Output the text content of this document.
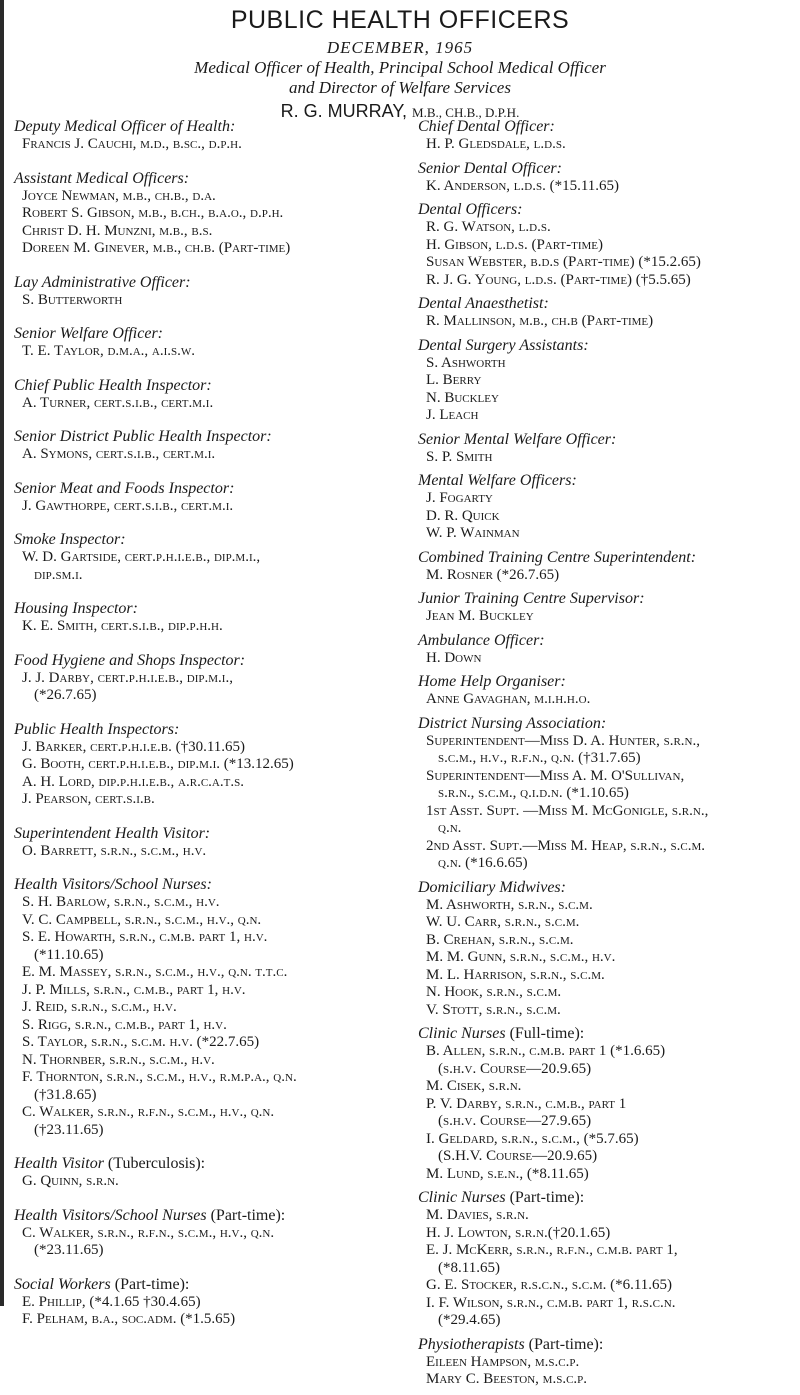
PUBLIC HEALTH OFFICERS
DECEMBER, 1965
Medical Officer of Health, Principal School Medical Officer
and Director of Welfare Services
R. G. MURRAY, M.B., CH.B., D.P.H.
Deputy Medical Officer of Health:
Francis J. Cauchi, m.d., b.sc., d.p.h.
Assistant Medical Officers:
Joyce Newman, m.b., ch.b., d.a.
Robert S. Gibson, m.b., b.ch., b.a.o., d.p.h.
Christ D. H. Munzni, m.b., b.s.
Doreen M. Ginever, m.b., ch.b. (Part-time)
Lay Administrative Officer:
S. Butterworth
Senior Welfare Officer:
T. E. Taylor, d.m.a., a.i.s.w.
Chief Public Health Inspector:
A. Turner, cert.s.i.b., cert.m.i.
Senior District Public Health Inspector:
A. Symons, cert.s.i.b., cert.m.i.
Senior Meat and Foods Inspector:
J. Gawthorpe, cert.s.i.b., cert.m.i.
Smoke Inspector:
W. D. Gartside, cert.p.h.i.e.b., dip.m.i.,
dip.sm.i.
Housing Inspector:
K. E. Smith, cert.s.i.b., dip.p.h.h.
Food Hygiene and Shops Inspector:
J. J. Darby, cert.p.h.i.e.b., dip.m.i.,
(*26.7.65)
Public Health Inspectors:
J. Barker, cert.p.h.i.e.b. (†30.11.65)
G. Booth, cert.p.h.i.e.b., dip.m.i. (*13.12.65)
A. H. Lord, dip.p.h.i.e.b., a.r.c.a.t.s.
J. Pearson, cert.s.i.b.
Superintendent Health Visitor:
O. Barrett, s.r.n., s.c.m., h.v.
Health Visitors/School Nurses:
S. H. Barlow, s.r.n., s.c.m., h.v.
V. C. Campbell, s.r.n., s.c.m., h.v., q.n.
S. E. Howarth, s.r.n., c.m.b. part 1, h.v.
(*11.10.65)
E. M. Massey, s.r.n., s.c.m., h.v., q.n. t.t.c.
J. P. Mills, s.r.n., c.m.b., part 1, h.v.
J. Reid, s.r.n., s.c.m., h.v.
S. Rigg, s.r.n., c.m.b., part 1, h.v.
S. Taylor, s.r.n., s.c.m. h.v. (*22.7.65)
N. Thornber, s.r.n., s.c.m., h.v.
F. Thornton, s.r.n., s.c.m., h.v., r.m.p.a., q.n.
(†31.8.65)
C. Walker, s.r.n., r.f.n., s.c.m., h.v., q.n.
(†23.11.65)
Health Visitor (Tuberculosis):
G. Quinn, s.r.n.
Health Visitors/School Nurses (Part-time):
C. Walker, s.r.n., r.f.n., s.c.m., h.v., q.n.
(*23.11.65)
Social Workers (Part-time):
E. Phillip, (*4.1.65 †30.4.65)
F. Pelham, b.a., soc.adm. (*1.5.65)
Chief Dental Officer:
H. P. Gledsdale, l.d.s.
Senior Dental Officer:
K. Anderson, l.d.s. (*15.11.65)
Dental Officers:
R. G. Watson, l.d.s.
H. Gibson, l.d.s. (Part-time)
Susan Webster, b.d.s (Part-time) (*15.2.65)
R. J. G. Young, l.d.s. (Part-time) (†5.5.65)
Dental Anaesthetist:
R. Mallinson, m.b., ch.b (Part-time)
Dental Surgery Assistants:
S. Ashworth
L. Berry
N. Buckley
J. Leach
Senior Mental Welfare Officer:
S. P. Smith
Mental Welfare Officers:
J. Fogarty
D. R. Quick
W. P. Wainman
Combined Training Centre Superintendent:
M. Rosner (*26.7.65)
Junior Training Centre Supervisor:
Jean M. Buckley
Ambulance Officer:
H. Down
Home Help Organiser:
Anne Gavaghan, m.i.h.h.o.
District Nursing Association:
Superintendent—Miss D. A. Hunter, s.r.n.,
s.c.m., h.v., r.f.n., q.n. (†31.7.65)
Superintendent—Miss A. M. O'Sullivan,
s.r.n., s.c.m., q.i.d.n. (*1.10.65)
1st Asst. Supt. —Miss M. McGonigle, s.r.n.,
q.n.
2nd Asst. Supt.—Miss M. Heap, s.r.n., s.c.m.
q.n. (*16.6.65)
Domiciliary Midwives:
M. Ashworth, s.r.n., s.c.m.
W. U. Carr, s.r.n., s.c.m.
B. Crehan, s.r.n., s.c.m.
M. M. Gunn, s.r.n., s.c.m., h.v.
M. L. Harrison, s.r.n., s.c.m.
N. Hook, s.r.n., s.c.m.
V. Stott, s.r.n., s.c.m.
Clinic Nurses (Full-time):
B. Allen, s.r.n., c.m.b. part 1 (*1.6.65)
(s.h.v. Course—20.9.65)
M. Cisek, s.r.n.
P. V. Darby, s.r.n., c.m.b., part 1
(s.h.v. Course—27.9.65)
I. Geldard, s.r.n., s.c.m., (*5.7.65)
(S.H.V. Course—20.9.65)
M. Lund, s.e.n., (*8.11.65)
Clinic Nurses (Part-time):
M. Davies, s.r.n.
H. J. Lowton, s.r.n.(†20.1.65)
E. J. McKerr, s.r.n., r.f.n., c.m.b. part 1,
(*8.11.65)
G. E. Stocker, r.s.c.n., s.c.m. (*6.11.65)
I. F. Wilson, s.r.n., c.m.b. part 1, r.s.c.n.
(*29.4.65)
Physiotherapists (Part-time):
Eileen Hampson, m.s.c.p.
Mary C. Beeston, m.s.c.p.
